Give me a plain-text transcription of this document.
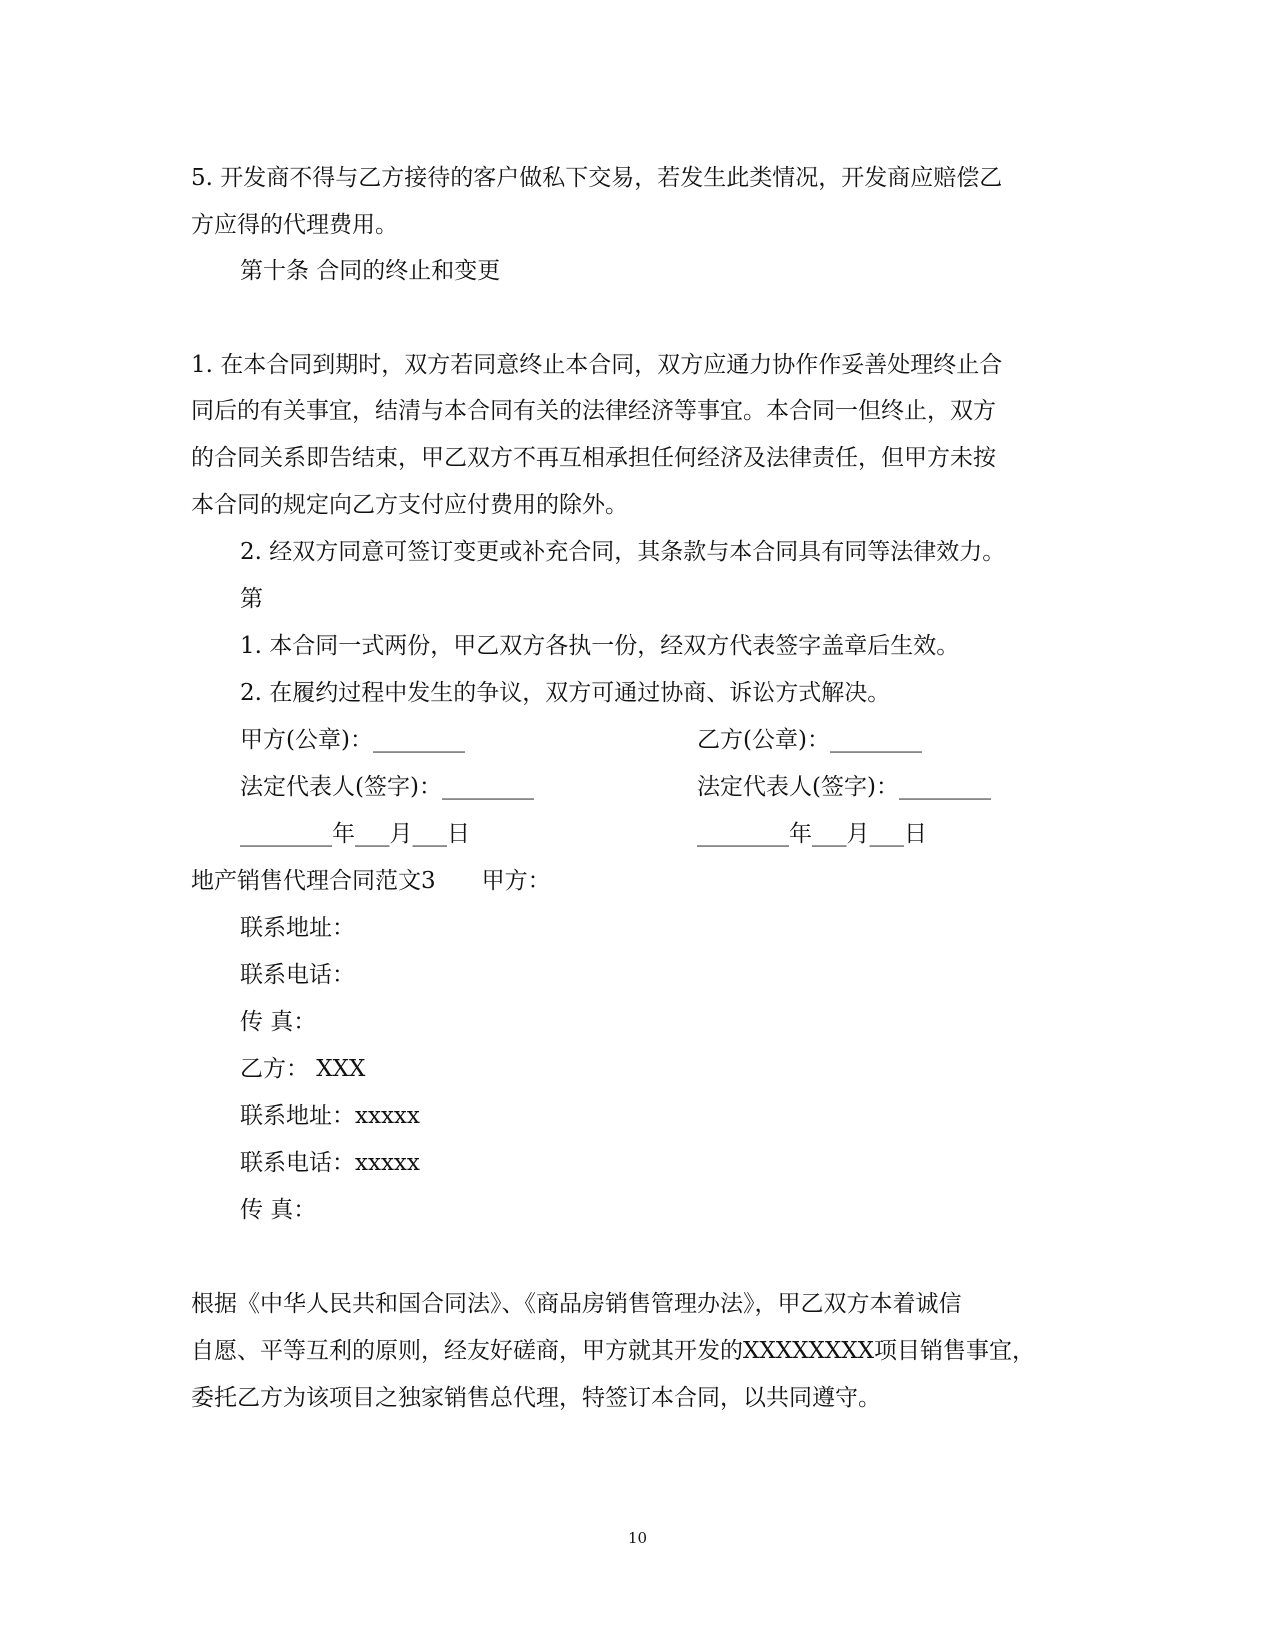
5. 开发商不得与乙方接待的客户做私下交易，若发生此类情况，开发商应赔偿乙
方应得的代理费用。
第十条 合同的终止和变更
1. 在本合同到期时，双方若同意终止本合同，双方应通力协作作妥善处理终止合
同后的有关事宜，结清与本合同有关的法律经济等事宜。本合同一但终止，双方
的合同关系即告结束，甲乙双方不再互相承担任何经济及法律责任，但甲方未按
本合同的规定向乙方支付应付费用的除外。
2. 经双方同意可签订变更或补充合同，其条款与本合同具有同等法律效力。
第
1. 本合同一式两份，甲乙双方各执一份，经双方代表签字盖章后生效。
2. 在履约过程中发生的争议，双方可通过协商、诉讼方式解决。
甲方(公章)：________	乙方(公章)：________
法定代表人(签字)：________	法定代表人(签字)：________
________年___月___日	________年___月___日
地产销售代理合同范文3 甲方：
联系地址：
联系电话：
传 真：
乙方： XXX
联系地址：xxxxx
联系电话：xxxxx
传 真：
根据《中华人民共和国合同法》、《商品房销售管理办法》，甲乙双方本着诚信
自愿、平等互利的原则，经友好磋商，甲方就其开发的XXXXXXXX项目销售事宜，
委托乙方为该项目之独家销售总代理，特签订本合同，以共同遵守。
10
